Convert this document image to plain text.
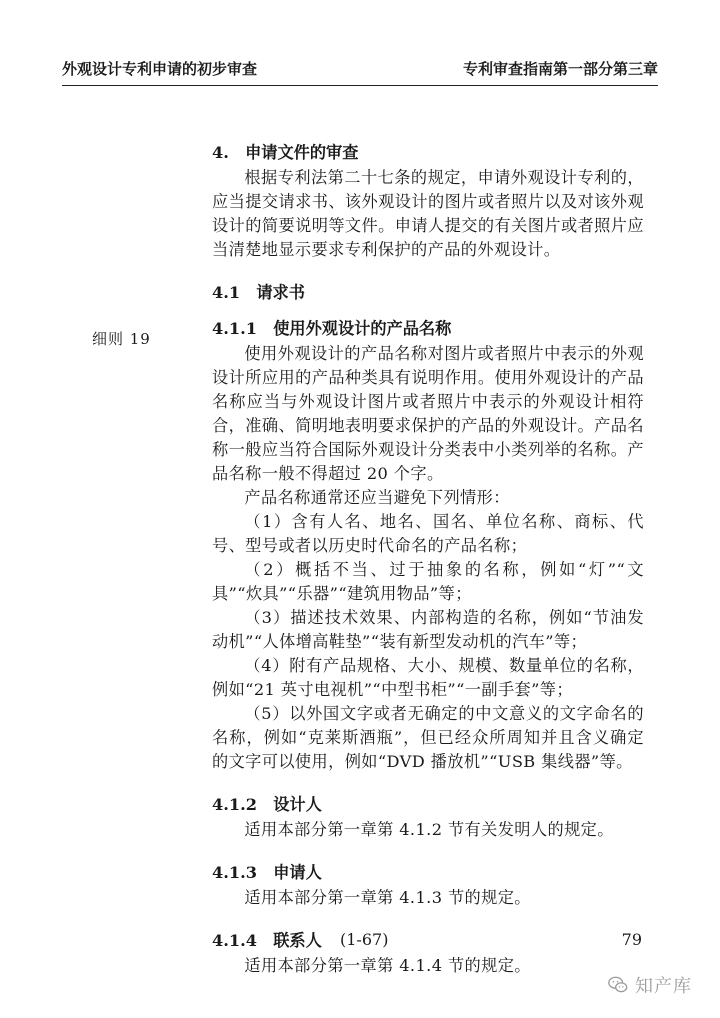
外观设计专利申请的初步审查	专利审查指南第一部分第三章
细则 19
4.　申请文件的审查
根据专利法第二十七条的规定，申请外观设计专利的，应当提交请求书、该外观设计的图片或者照片以及对该外观设计的简要说明等文件。申请人提交的有关图片或者照片应当清楚地显示要求专利保护的产品的外观设计。
4.1　请求书
4.1.1　使用外观设计的产品名称
使用外观设计的产品名称对图片或者照片中表示的外观设计所应用的产品种类具有说明作用。使用外观设计的产品名称应当与外观设计图片或者照片中表示的外观设计相符合，准确、简明地表明要求保护的产品的外观设计。产品名称一般应当符合国际外观设计分类表中小类列举的名称。产品名称一般不得超过 20 个字。
产品名称通常还应当避免下列情形：
（1）含有人名、地名、国名、单位名称、商标、代号、型号或者以历史时代命名的产品名称；
（2）概括不当、过于抽象的名称，例如“灯”“文具”“炊具”“乐器”“建筑用物品”等；
（3）描述技术效果、内部构造的名称，例如“节油发动机”“人体增高鞋垫”“装有新型发动机的汽车”等；
（4）附有产品规格、大小、规模、数量单位的名称，例如“21 英寸电视机”“中型书柜”“一副手套”等；
（5）以外国文字或者无确定的中文意义的文字命名的名称，例如“克莱斯酒瓶”，但已经众所周知并且含义确定的文字可以使用，例如“DVD 播放机”“USB 集线器”等。
4.1.2　设计人
适用本部分第一章第 4.1.2 节有关发明人的规定。
4.1.3　申请人
适用本部分第一章第 4.1.3 节的规定。
4.1.4　联系人
适用本部分第一章第 4.1.4 节的规定。
(1-67)	79
知产库
